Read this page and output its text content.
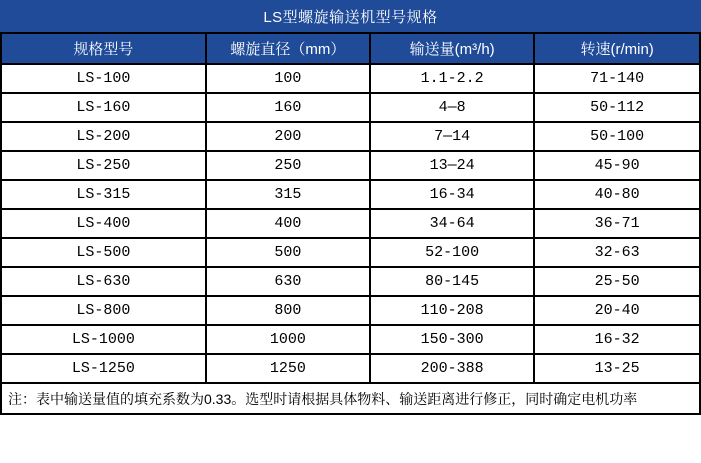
LS型螺旋输送机型号规格
规格型号	螺旋直径（mm）	输送量(m³/h)	转速(r/min)
LS-100	100	1.1-2.2	71-140
LS-160	160	4—8	50-112
LS-200	200	7—14	50-100
LS-250	250	13—24	45-90
LS-315	315	16-34	40-80
LS-400	400	34-64	36-71
LS-500	500	52-100	32-63
LS-630	630	80-145	25-50
LS-800	800	110-208	20-40
LS-1000	1000	150-300	16-32
LS-1250	1250	200-388	13-25
注：表中输送量值的填充系数为0.33。选型时请根据具体物料、输送距离进行修正，同时确定电机功率			
